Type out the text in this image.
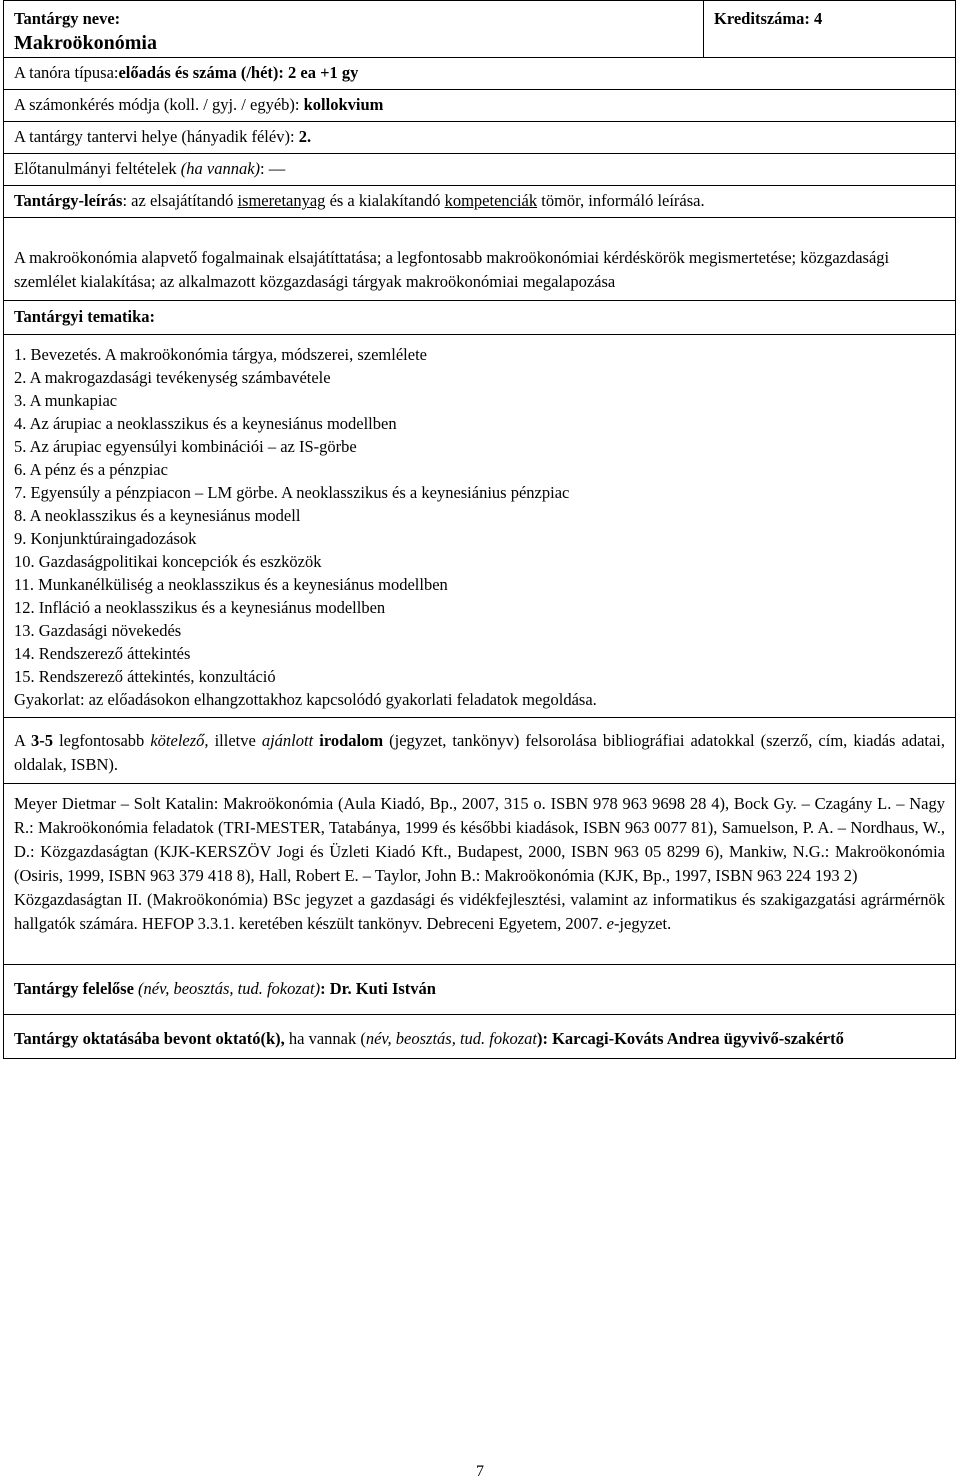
Tantárgy neve:
Makroökonómia
Kreditszáma: 4
A tanóra típusa: előadás és száma (/hét): 2 ea +1 gy
A számonkérés módja (koll. / gyj. / egyéb): kollokvium
A tantárgy tantervi helye (hányadik félév): 2.
Előtanulmányi feltételek (ha vannak) : ―
Tantárgy-leírás: az elsajátítandó ismeretanyag és a kialakítandó kompetenciák tömör, informáló leírása.

A makroökonómia alapvető fogalmainak elsajátíttatása; a legfontosabb makroökonómiai kérdéskörök megismertetése; közgazdasági szemlélet kialakítása; az alkalmazott közgazdasági tárgyak makroökonómiai megalapozása

Tantárgyi tematika:
1. Bevezetés. A makroökonómia tárgya, módszerei, szemlélete
2. A makrogazdasági tevékenység számbavétele
3. A munkapiac
4. Az árupiac a neoklasszikus és a keynesiánus modellben
5. Az árupiac egyensúlyi kombinációi ‒ az IS-görbe
6. A pénz és a pénzpiac
7. Egyensúly a pénzpiacon ‒ LM görbe. A neoklasszikus és a keynesiánius pénzpiac
8. A neoklasszikus és a keynesiánus modell
9. Konjunktúraingadozások
10. Gazdaságpolitikai koncepciók és eszközök
11. Munkanélküliség a neoklasszikus és a keynesiánus modellben
12. Infláció a neoklasszikus és a keynesiánus modellben
13. Gazdasági növekedés
14. Rendszerező áttekintés
15. Rendszerező áttekintés, konzultáció
Gyakorlat: az előadásokon elhangzottakhoz kapcsolódó gyakorlati feladatok megoldása.
A 3-5 legfontosabb kötelező, illetve ajánlott irodalom (jegyzet, tankönyv) felsorolása bibliográfiai adatokkal (szerző, cím, kiadás adatai, oldalak, ISBN).

Meyer Dietmar ‒ Solt Katalin: Makroökonómia (Aula Kiadó, Bp., 2007, 315 o. ISBN 978 963 9698 28 4), Bock Gy. ‒ Czagány L. ‒ Nagy R.: Makroökonómia feladatok (TRI-MESTER, Tatabánya, 1999 és későbbi kiadások, ISBN 963 0077 81), Samuelson, P. A. ‒ Nordhaus, W., D.: Közgazdaságtan (KJK-KERSZÖV Jogi és Üzleti Kiadó Kft., Budapest, 2000, ISBN 963 05 8299 6), Mankiw, N.G.: Makroökonómia (Osiris, 1999, ISBN 963 379 418 8), Hall, Robert E. ‒ Taylor, John B.: Makroökonómia (KJK, Bp., 1997, ISBN 963 224 193 2)

Közgazdaságtan II. (Makroökonómia) BSc jegyzet a gazdasági és vidékfejlesztési, valamint az informatikus és szakigazgatási agrármérnök hallgatók számára. HEFOP 3.3.1. keretében készült tankönyv. Debreceni Egyetem, 2007. e-jegyzet.

Tantárgy felelőse (név, beosztás, tud. fokozat): Dr. Kuti István
Tantárgy oktatásába bevont oktató(k), ha vannak (név, beosztás, tud. fokozat): Karcagi-Kováts Andrea ügyvivő-szakértő
7
